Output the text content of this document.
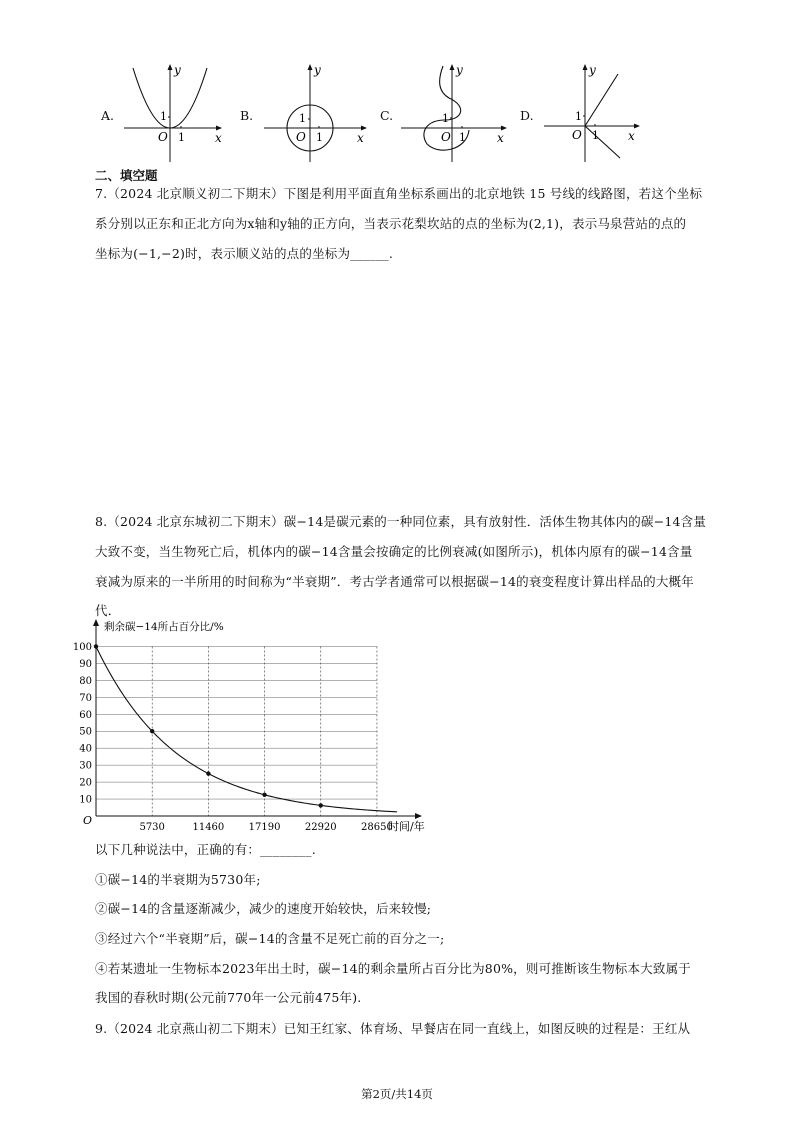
A.
x
y
O 1
1	B.
x
y
O 1
1	C.
x
y
O 1
1	D.
x
y
O 1
1
二、填空题
7.（2024 北京顺义初二下期末）下图是利用平面直角坐标系画出的北京地铁 15 号线的线路图，若这个坐标
系分别以正东和正北方向为x轴和y轴的正方向，当表示花梨坎站的点的坐标为(2,1)，表示马泉营站的点的
坐标为(−1,−2)时，表示顺义站的点的坐标为______.
8.（2024 北京东城初二下期末）碳−14是碳元素的一种同位素，具有放射性．活体生物其体内的碳−14含量
大致不变，当生物死亡后，机体内的碳−14含量会按确定的比例衰减(如图所示)，机体内原有的碳−14含量
衰减为原来的一半所用的时间称为“半衰期”．考古学者通常可以根据碳−14的衰变程度计算出样品的大概年
代．
10
20
30
40
50
60
70
80
90
100
5730	11460 17190 22920 28650
剩余碳−14所占百分比/%
时间/年
O
以下几种说法中，正确的有：________.
①碳−14的半衰期为5730年;
②碳−14的含量逐渐减少，减少的速度开始较快，后来较慢;
③经过六个“半衰期”后，碳−14的含量不足死亡前的百分之一;
④若某遗址一生物标本2023年出土时，碳−14的剩余量所占百分比为80%，则可推断该生物标本大致属于
我国的春秋时期(公元前770年一公元前475年).
9.（2024 北京燕山初二下期末）已知王红家、体育场、早餐店在同一直线上，如图反映的过程是：王红从
第2页/共14页
